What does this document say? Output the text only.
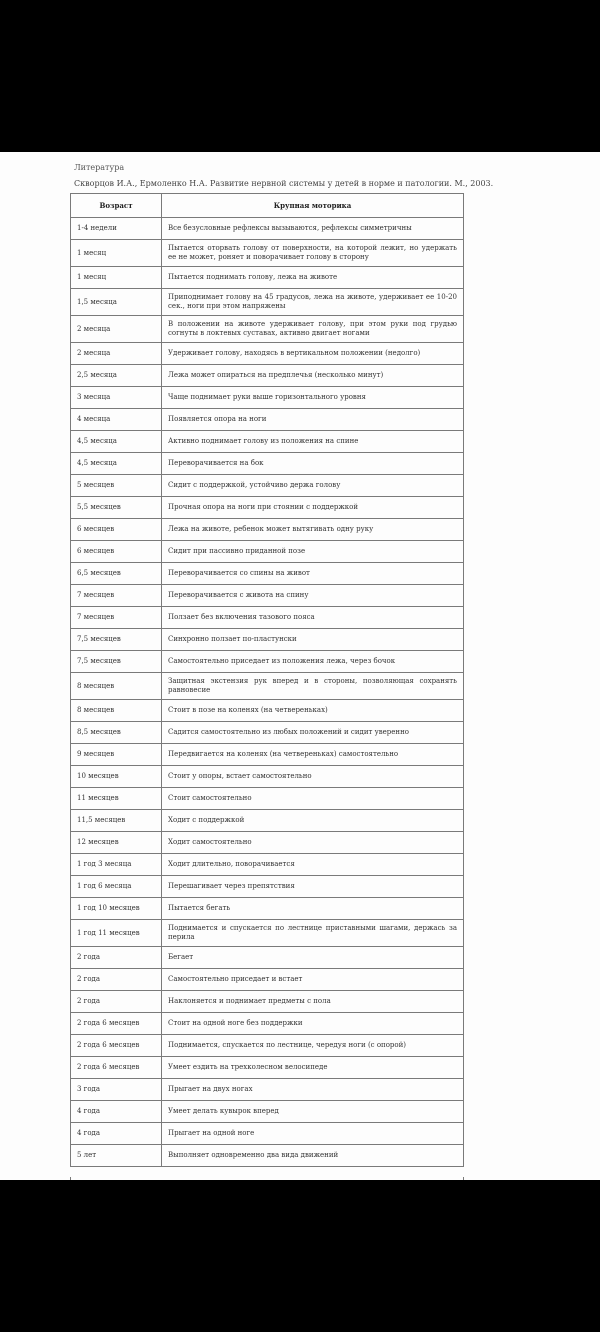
Литература
Скворцов И.А., Ермоленко Н.А. Развитие нервной системы у детей в норме и патологии. М., 2003.
Возраст	Крупная моторика
1-4 недели	Все безусловные рефлексы вызываются, рефлексы симметричны
1 месяц	Пытается оторвать голову от поверхности, на которой лежит, но удержать ее не может, роняет и поворачивает голову в сторону
1 месяц	Пытается поднимать голову, лежа на животе
1,5 месяца	Приподнимает голову на 45 градусов, лежа на животе, удерживает ее 10-20 сек., ноги при этом напряжены
2 месяца	В положении на животе удерживает голову, при этом руки под грудью согнуты в локтевых суставах, активно двигает ногами
2 месяца	Удерживает голову, находясь в вертикальном положении (недолго)
2,5 месяца	Лежа может опираться на предплечья (несколько минут)
3 месяца	Чаще поднимает руки выше горизонтального уровня
4 месяца	Появляется опора на ноги
4,5 месяца	Активно поднимает голову из положения на спине
4,5 месяца	Переворачивается на бок
5 месяцев	Сидит с поддержкой, устойчиво держа голову
5,5 месяцев	Прочная опора на ноги при стоянии с поддержкой
6 месяцев	Лежа на животе, ребенок может вытягивать одну руку
6 месяцев	Сидит при пассивно приданной позе
6,5 месяцев	Переворачивается со спины на живот
7 месяцев	Переворачивается с живота на спину
7 месяцев	Ползает без включения тазового пояса
7,5 месяцев	Синхронно ползает по-пластунски
7,5 месяцев	Самостоятельно приседает из положения лежа, через бочок
8 месяцев	Защитная экстензия рук вперед и в стороны, позволяющая сохранять равновесие
8 месяцев	Стоит в позе на коленях (на четвереньках)
8,5 месяцев	Садится самостоятельно из любых положений и сидит уверенно
9 месяцев	Передвигается на коленях (на четвереньках) самостоятельно
10 месяцев	Стоит у опоры, встает самостоятельно
11 месяцев	Стоит самостоятельно
11,5 месяцев	Ходит с поддержкой
12 месяцев	Ходит самостоятельно
1 год 3 месяца	Ходит длительно, поворачивается
1 год 6 месяца	Перешагивает через препятствия
1 год 10 месяцев	Пытается бегать
1 год 11 месяцев	Поднимается и спускается по лестнице приставными шагами, держась за перила
2 года	Бегает
2 года	Самостоятельно приседает и встает
2 года	Наклоняется и поднимает предметы с пола
2 года 6 месяцев	Стоит на одной ноге без поддержки
2 года 6 месяцев	Поднимается, спускается по лестнице, чередуя ноги (с опорой)
2 года 6 месяцев	Умеет ездить на трехколесном велосипеде
3 года	Прыгает на двух ногах
4 года	Умеет делать кувырок вперед
4 года	Прыгает на одной ноге
5 лет	Выполняет одновременно два вида движений
